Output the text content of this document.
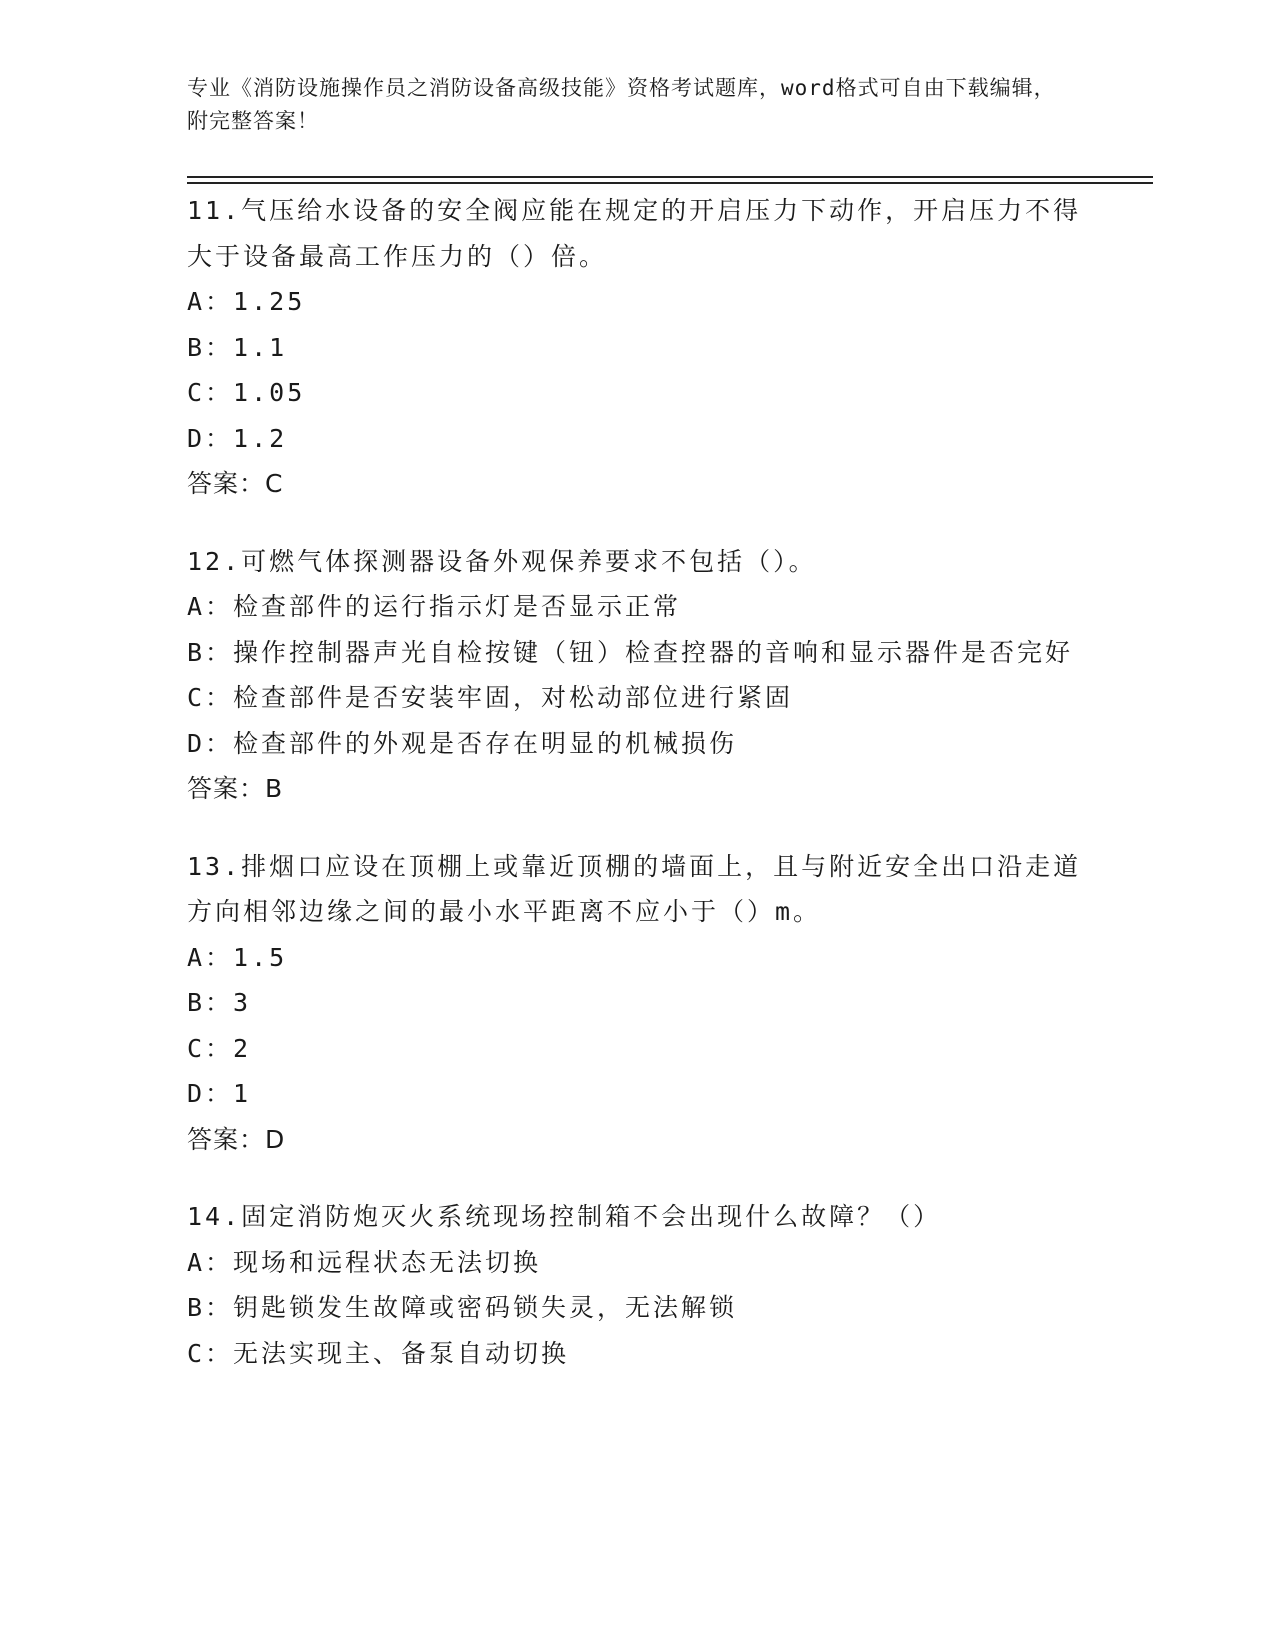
专业《消防设施操作员之消防设备高级技能》资格考试题库，word格式可自由下载编辑，附完整答案！
11.气压给水设备的安全阀应能在规定的开启压力下动作，开启压力不得大于设备最高工作压力的（）倍。
A：1.25
B：1.1
C：1.05
D：1.2
答案：C
12.可燃气体探测器设备外观保养要求不包括（）。
A：检查部件的运行指示灯是否显示正常
B：操作控制器声光自检按键（钮）检查控器的音响和显示器件是否完好
C：检查部件是否安装牢固，对松动部位进行紧固
D：检查部件的外观是否存在明显的机械损伤
答案：B
13.排烟口应设在顶棚上或靠近顶棚的墙面上，且与附近安全出口沿走道方向相邻边缘之间的最小水平距离不应小于（）m。
A：1.5
B：3
C：2
D：1
答案：D
14.固定消防炮灭火系统现场控制箱不会出现什么故障？（）
A：现场和远程状态无法切换
B：钥匙锁发生故障或密码锁失灵，无法解锁
C：无法实现主、备泵自动切换
